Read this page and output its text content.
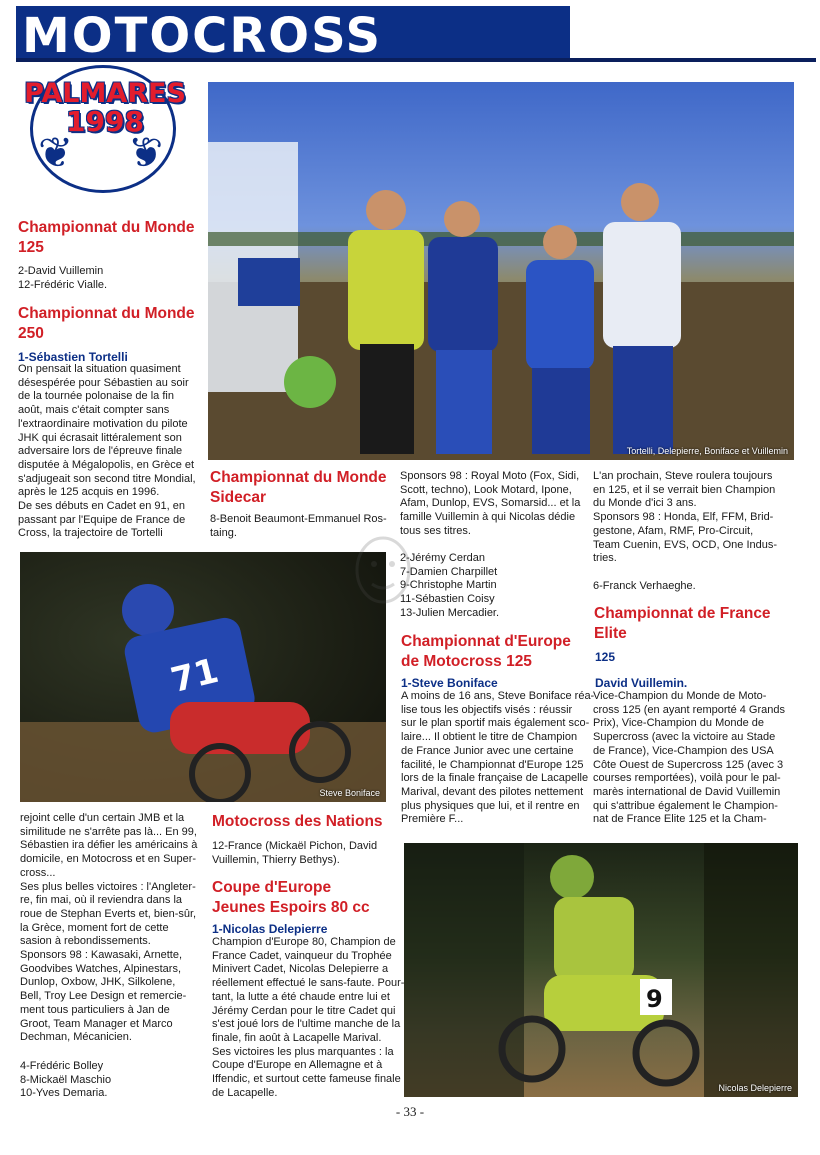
MOTOCROSS
❦ ❦
PALMARES
1998
Tortelli, Delepierre, Boniface et Vuillemin
71
Steve Boniface
9
Nicolas Delepierre
Championnat du Monde 125
2-David Vuillemin
12-Frédéric Vialle.
Championnat du Monde 250
1-Sébastien Tortelli
On pensait la situation quasiment
désespérée pour Sébastien au soir
de la tournée polonaise de la fin
août, mais c'était compter sans
l'extraordinaire motivation du pilote
JHK qui écrasait littéralement son
adversaire lors de l'épreuve finale
disputée à Mégalopolis, en Grèce et
s'adjugeait son second titre Mondial,
après le 125 acquis en 1996.
De ses débuts en Cadet en 91, en
passant par l'Equipe de France de
Cross, la trajectoire de Tortelli
rejoint celle d'un certain JMB et la
similitude ne s'arrête pas là... En 99,
Sébastien ira défier les américains à
domicile, en Motocross et en Super-
cross...
Ses plus belles victoires : l'Angleter-
re, fin mai, où il reviendra dans la
roue de Stephan Everts et, bien-sûr,
la Grèce, moment fort de cette
sasion à rebondissements.
Sponsors 98 : Kawasaki, Arnette,
Goodvibes Watches, Alpinestars,
Dunlop, Oxbow, JHK, Silkolene,
Bell, Troy Lee Design et remercie-
ment tous particuliers à Jan de
Groot, Team Manager et Marco
Dechman, Mécanicien.
4-Frédéric Bolley
8-Mickaël Maschio
10-Yves Demaria.
Championnat du Monde Sidecar
8-Benoit Beaumont-Emmanuel Ros-
taing.
Motocross des Nations
12-France (Mickaël Pichon, David
Vuillemin, Thierry Bethys).
Coupe d'Europe Jeunes Espoirs 80 cc
1-Nicolas Delepierre
Champion d'Europe 80, Champion de
France Cadet, vainqueur du Trophée
Minivert Cadet, Nicolas Delepierre a
réellement effectué le sans-faute. Pour-
tant, la lutte a été chaude entre lui et
Jérémy Cerdan pour le titre Cadet qui
s'est joué lors de l'ultime manche de la
finale, fin août à Lacapelle Marival.
Ses victoires les plus marquantes : la
Coupe d'Europe en Allemagne et à
Iffendic, et surtout cette fameuse finale
de Lacapelle.
Sponsors 98 : Royal Moto (Fox, Sidi,
Scott, techno), Look Motard, Ipone,
Afam, Dunlop, EVS, Somarsid... et la
famille Vuillemin à qui Nicolas dédie
tous ses titres.
2-Jérémy Cerdan
7-Damien Charpillet
9-Christophe Martin
11-Sébastien Coisy
13-Julien Mercadier.
Championnat d'Europe de Motocross 125
1-Steve Boniface
A moins de 16 ans, Steve Boniface réa-
lise tous les objectifs visés : réussir
sur le plan sportif mais également sco-
laire... Il obtient le titre de Champion
de France Junior avec une certaine
facilité, le Championnat d'Europe 125
lors de la finale française de Lacapelle
Marival, devant des pilotes nettement
plus physiques que lui, et il rentre en
Première F...
L'an prochain, Steve roulera toujours
en 125, et il se verrait bien Champion
du Monde d'ici 3 ans.
Sponsors 98 : Honda, Elf, FFM, Brid-
gestone, Afam, RMF, Pro-Circuit,
Team Cuenin, EVS, OCD, One Indus-
tries.
6-Franck Verhaeghe.
Championnat de France Elite
125
David Vuillemin.
Vice-Champion du Monde de Moto-
cross 125 (en ayant remporté 4 Grands
Prix), Vice-Champion du Monde de
Supercross (avec la victoire au Stade
de France), Vice-Champion des USA
Côte Ouest de Supercross 125 (avec 3
courses remportées), voilà pour le pal-
marès international de David Vuillemin
qui s'attribue également le Champion-
nat de France Elite 125 et la Cham-
- 33 -
